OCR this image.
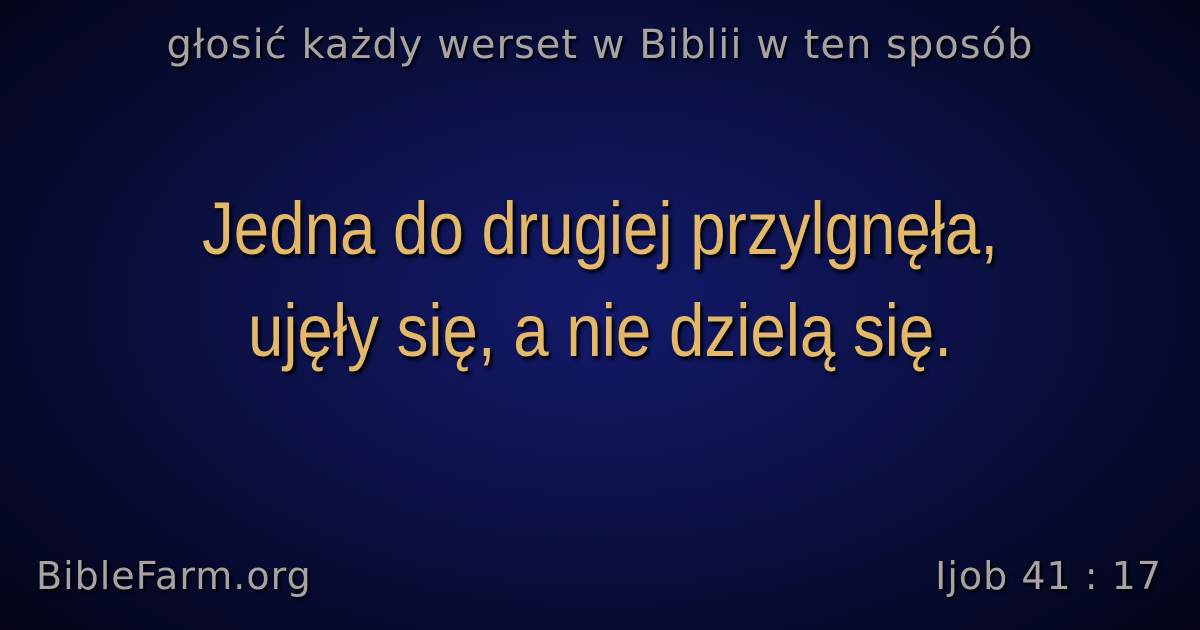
głosić każdy werset w Biblii w ten sposób
Jedna do drugiej przylgnęła,
ujęły się, a nie dzielą się.
BibleFarm.org	Ijob 41 : 17
